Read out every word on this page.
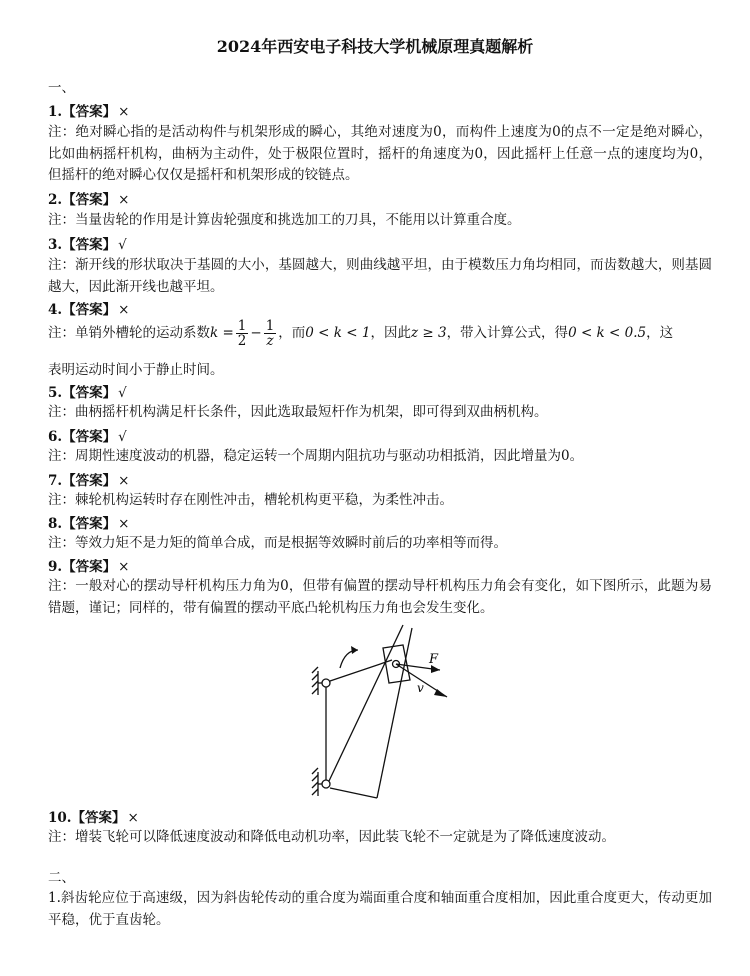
2024年西安电子科技大学机械原理真题解析
一、
1.【答案】 ×
注：绝对瞬心指的是活动构件与机架形成的瞬心，其绝对速度为0，而构件上速度为0的点不一定是绝对瞬心，比如曲柄摇杆机构，曲柄为主动件，处于极限位置时，摇杆的角速度为0，因此摇杆上任意一点的速度均为0，但摇杆的绝对瞬心仅仅是摇杆和机架形成的铰链点。
2.【答案】 ×
注：当量齿轮的作用是计算齿轮强度和挑选加工的刀具，不能用以计算重合度。
3.【答案】 √
注：渐开线的形状取决于基圆的大小，基圆越大，则曲线越平坦，由于模数压力角均相同，而齿数越大，则基圆越大，因此渐开线也越平坦。
4.【答案】 ×
注：单销外槽轮的运动系数$k = \frac{1}{2} - \frac{1}{z}$ ，而0 < k < 1，因此z ≥ 3，带入计算公式，得0 < k < 0.5，这
表明运动时间小于静止时间。
5.【答案】 √
注：曲柄摇杆机构满足杆长条件，因此选取最短杆作为机架，即可得到双曲柄机构。
6.【答案】 √
注：周期性速度波动的机器，稳定运转一个周期内阻抗功与驱动功相抵消，因此增量为0。
7.【答案】 ×
注：棘轮机构运转时存在刚性冲击，槽轮机构更平稳，为柔性冲击。
8.【答案】 ×
注：等效力矩不是力矩的简单合成，而是根据等效瞬时前后的功率相等而得。
9.【答案】 ×
注：一般对心的摆动导杆机构压力角为0，但带有偏置的摆动导杆机构压力角会有变化，如下图所示，此题为易错题，谨记；同样的，带有偏置的摆动平底凸轮机构压力角也会发生变化。
F
v
10.【答案】 ×
注：增装飞轮可以降低速度波动和降低电动机功率，因此装飞轮不一定就是为了降低速度波动。
二、
1.斜齿轮应位于高速级，因为斜齿轮传动的重合度为端面重合度和轴面重合度相加，因此重合度更大，传动更加平稳，优于直齿轮。
